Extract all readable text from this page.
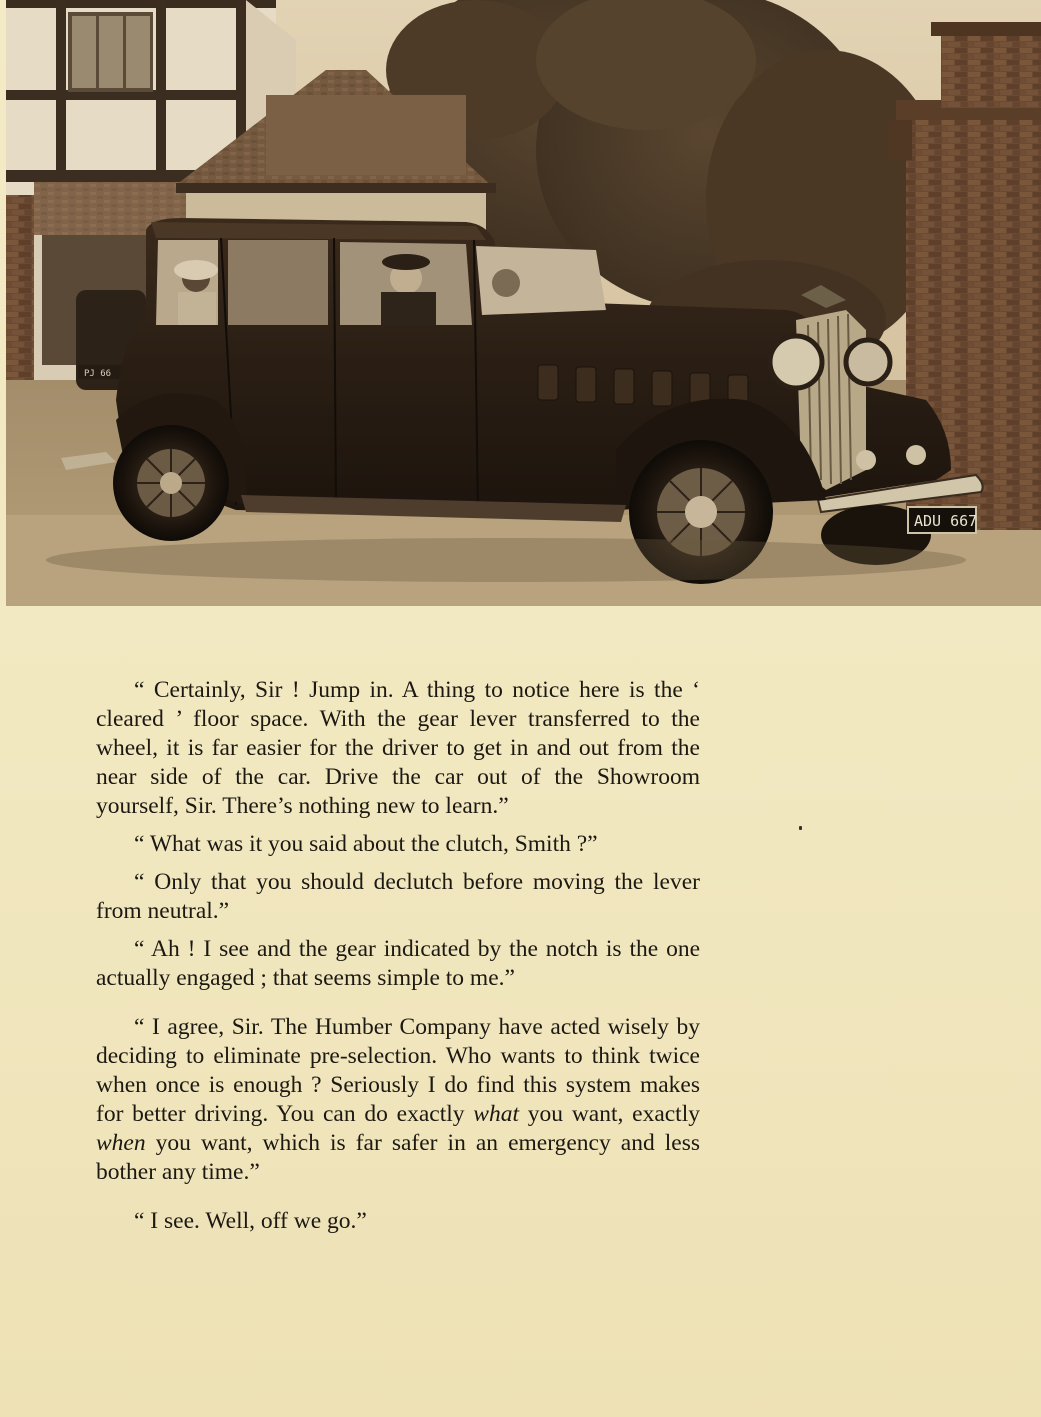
PJ 66
ADU 667

“ Certainly, Sir ! Jump in. A thing to notice here is the ‘ cleared ’ floor space. With the gear lever transferred to the wheel, it is far easier for the driver to get in and out from the near side of the car. Drive the car out of the Showroom yourself, Sir. There’s nothing new to learn.”

“ What was it you said about the clutch, Smith ?”

“ Only that you should declutch before moving the lever from neutral.”

“ Ah ! I see and the gear indicated by the notch is the one actually engaged ; that seems simple to me.”

“ I agree, Sir. The Humber Company have acted wisely by deciding to eliminate pre-selection. Who wants to think twice when once is enough ? Seriously I do find this system makes for better driving. You can do exactly what you want, exactly when you want, which is far safer in an emergency and less bother any time.”

“ I see. Well, off we go.”
